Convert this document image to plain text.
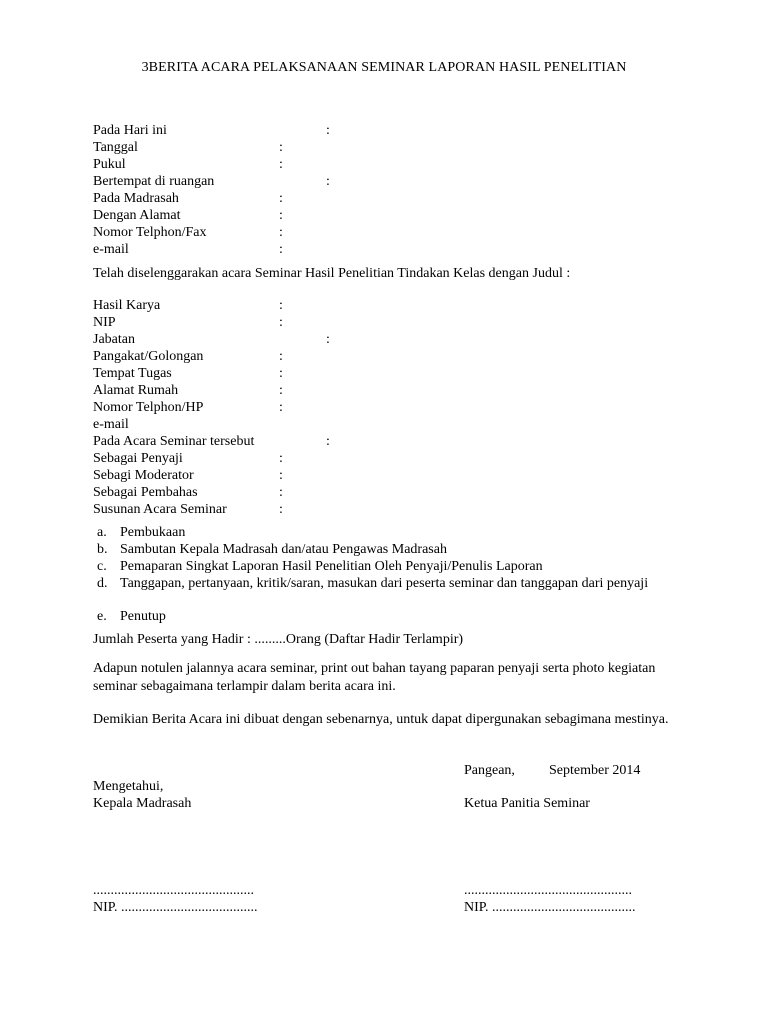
3BERITA ACARA PELAKSANAAN SEMINAR LAPORAN HASIL PENELITIAN
Pada Hari ini	:
Tanggal	:
Pukul	:
Bertempat di ruangan	:
Pada Madrasah	:
Dengan Alamat	:
Nomor Telphon/Fax	:
e-mail	:
Telah diselenggarakan acara Seminar Hasil Penelitian Tindakan Kelas dengan Judul :
Hasil Karya	:
NIP	:
Jabatan	:
Pangakat/Golongan	:
Tempat Tugas	:
Alamat Rumah	:
Nomor Telphon/HP	:
e-mail
Pada Acara Seminar tersebut	:
Sebagai Penyaji	:
Sebagi Moderator	:
Sebagai Pembahas	:
Susunan Acara Seminar	:
a. Pembukaan
b. Sambutan Kepala Madrasah dan/atau Pengawas Madrasah
c. Pemaparan Singkat Laporan Hasil Penelitian Oleh Penyaji/Penulis Laporan
d. Tanggapan, pertanyaan, kritik/saran, masukan dari peserta seminar dan tanggapan dari penyaji
e. Penutup
Jumlah Peserta yang Hadir : .........Orang (Daftar Hadir Terlampir)
Adapun notulen jalannya acara seminar, print out bahan tayang paparan penyaji serta photo kegiatan seminar sebagaimana terlampir dalam berita acara ini.
Demikian Berita Acara ini dibuat dengan sebenarnya, untuk dapat dipergunakan sebagimana mestinya.
Pangean, September 2014
Mengetahui,
Kepala Madrasah	Ketua Panitia Seminar
..............................................	................................................
NIP. .......................................	NIP. .........................................
